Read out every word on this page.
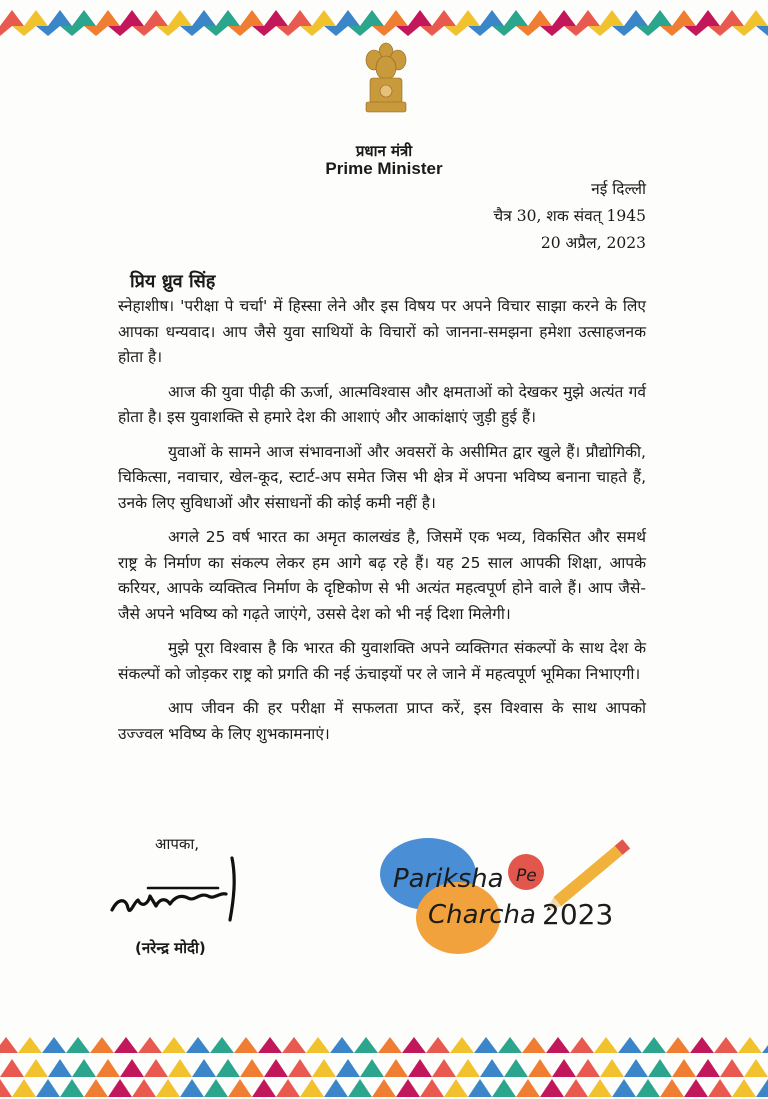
प्रधान मंत्री
Prime Minister
नई दिल्ली
चैत्र 30, शक संवत् 1945
20 अप्रैल, 2023
प्रिय ध्रुव सिंह

स्नेहाशीष। 'परीक्षा पे चर्चा' में हिस्सा लेने और इस विषय पर अपने विचार साझा करने के लिए आपका धन्यवाद। आप जैसे युवा साथियों के विचारों को जानना-समझना हमेशा उत्साहजनक होता है।

आज की युवा पीढ़ी की ऊर्जा, आत्मविश्वास और क्षमताओं को देखकर मुझे अत्यंत गर्व होता है। इस युवाशक्ति से हमारे देश की आशाएं और आकांक्षाएं जुड़ी हुई हैं।

युवाओं के सामने आज संभावनाओं और अवसरों के असीमित द्वार खुले हैं। प्रौद्योगिकी, चिकित्सा, नवाचार, खेल-कूद, स्टार्ट-अप समेत जिस भी क्षेत्र में अपना भविष्य बनाना चाहते हैं, उनके लिए सुविधाओं और संसाधनों की कोई कमी नहीं है।

अगले 25 वर्ष भारत का अमृत कालखंड है, जिसमें एक भव्य, विकसित और समर्थ राष्ट्र के निर्माण का संकल्प लेकर हम आगे बढ़ रहे हैं। यह 25 साल आपकी शिक्षा, आपके करियर, आपके व्यक्तित्व निर्माण के दृष्टिकोण से भी अत्यंत महत्वपूर्ण होने वाले हैं। आप जैसे-जैसे अपने भविष्य को गढ़ते जाएंगे, उससे देश को भी नई दिशा मिलेगी।

मुझे पूरा विश्वास है कि भारत की युवाशक्ति अपने व्यक्तिगत संकल्पों के साथ देश के संकल्पों को जोड़कर राष्ट्र को प्रगति की नई ऊंचाइयों पर ले जाने में महत्वपूर्ण भूमिका निभाएगी।

आप जीवन की हर परीक्षा में सफलता प्राप्त करें, इस विश्वास के साथ आपको उज्ज्वल भविष्य के लिए शुभकामनाएं।

आपका,
(नरेन्द्र मोदी)
Pariksha Pe
Charcha 2023
